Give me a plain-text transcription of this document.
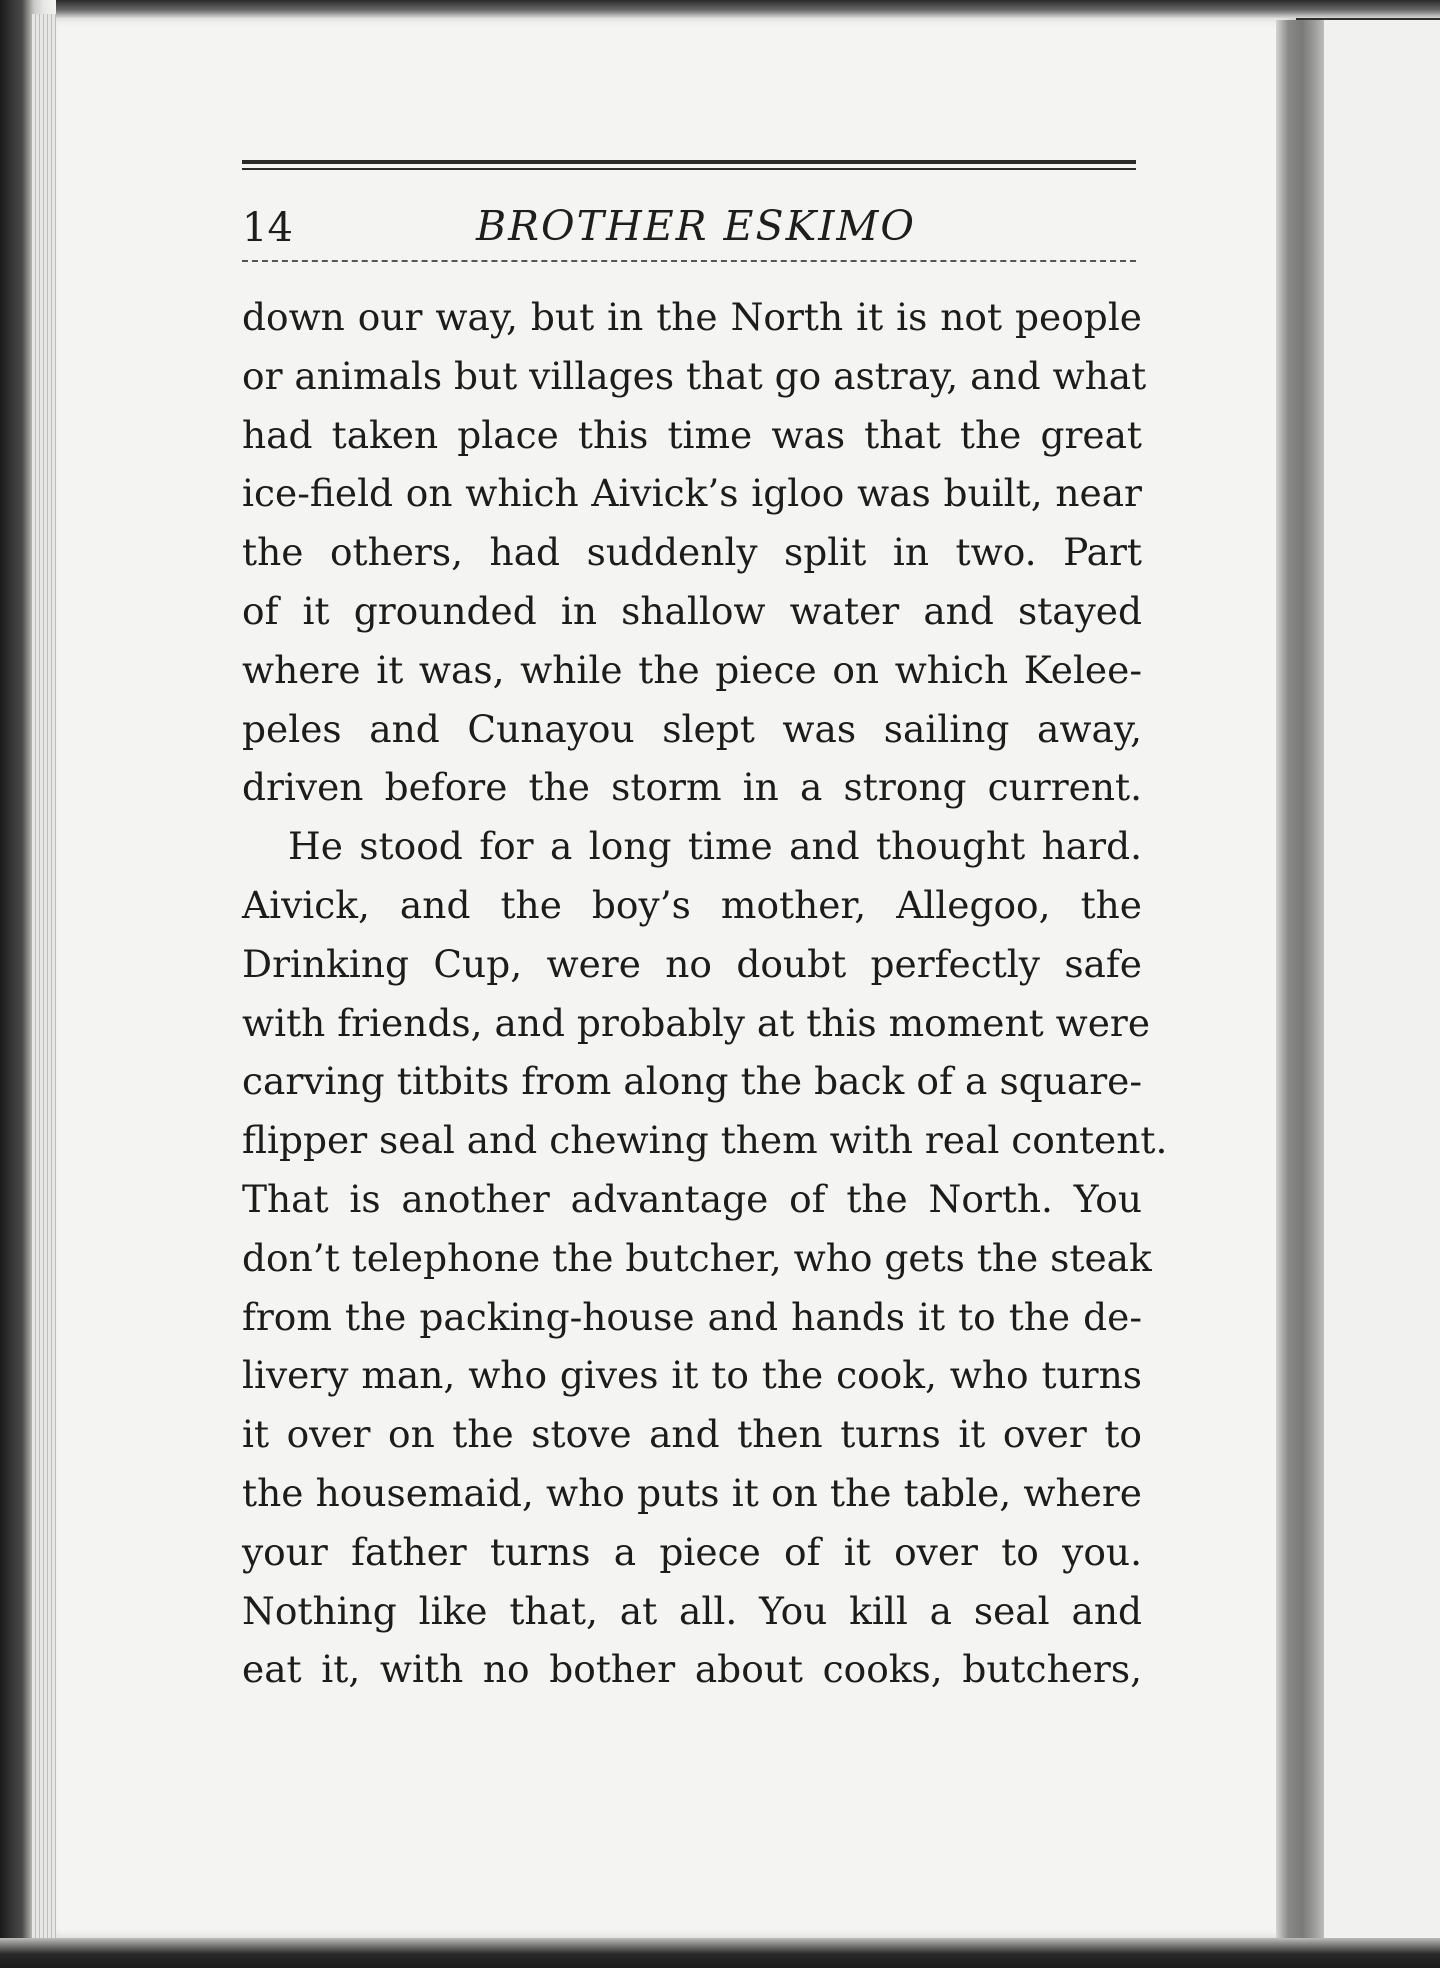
14	BROTHER ESKIMO
down our way, but in the North it is not people
or animals but villages that go astray, and what
had taken place this time was that the great
ice-field on which Aivick’s igloo was built, near
the others, had suddenly split in two. Part
of it grounded in shallow water and stayed
where it was, while the piece on which Kelee-
peles and Cunayou slept was sailing away,
driven before the storm in a strong current.
He stood for a long time and thought hard.
Aivick, and the boy’s mother, Allegoo, the
Drinking Cup, were no doubt perfectly safe
with friends, and probably at this moment were
carving titbits from along the back of a square-
flipper seal and chewing them with real content.
That is another advantage of the North. You
don’t telephone the butcher, who gets the steak
from the packing-house and hands it to the de-
livery man, who gives it to the cook, who turns
it over on the stove and then turns it over to
the housemaid, who puts it on the table, where
your father turns a piece of it over to you.
Nothing like that, at all. You kill a seal and
eat it, with no bother about cooks, butchers,
